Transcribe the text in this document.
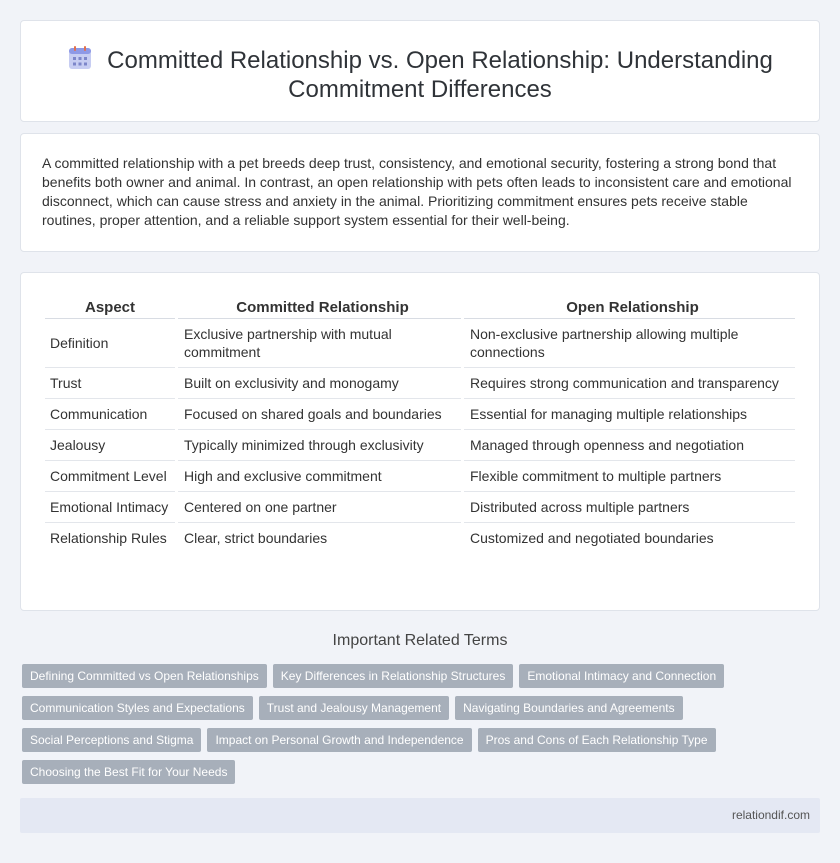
Committed Relationship vs. Open Relationship: Understanding Commitment Differences

A committed relationship with a pet breeds deep trust, consistency, and emotional security, fostering a strong bond that benefits both owner and animal. In contrast, an open relationship with pets often leads to inconsistent care and emotional disconnect, which can cause stress and anxiety in the animal. Prioritizing commitment ensures pets receive stable routines, proper attention, and a reliable support system essential for their well-being.

Aspect	Committed Relationship	Open Relationship
Definition	Exclusive partnership with mutual commitment	Non-exclusive partnership allowing multiple connections
Trust	Built on exclusivity and monogamy	Requires strong communication and transparency
Communication	Focused on shared goals and boundaries	Essential for managing multiple relationships
Jealousy	Typically minimized through exclusivity	Managed through openness and negotiation
Commitment Level	High and exclusive commitment	Flexible commitment to multiple partners
Emotional Intimacy	Centered on one partner	Distributed across multiple partners
Relationship Rules	Clear, strict boundaries	Customized and negotiated boundaries
Important Related Terms
Defining Committed vs Open Relationships Key Differences in Relationship Structures Emotional Intimacy and Connection
Communication Styles and Expectations Trust and Jealousy Management Navigating Boundaries and Agreements
Social Perceptions and Stigma Impact on Personal Growth and Independence Pros and Cons of Each Relationship Type
Choosing the Best Fit for Your Needs
relationdif.com
